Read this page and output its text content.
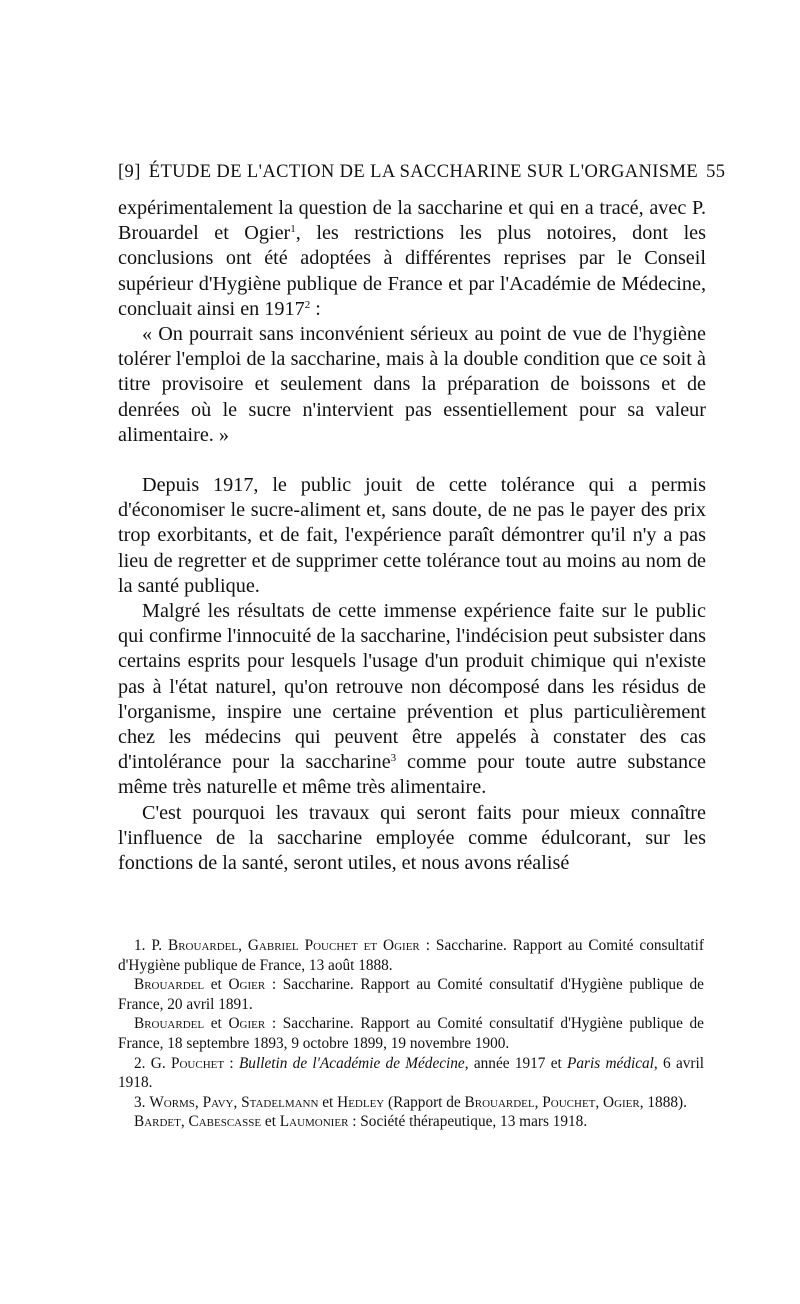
[9] ÉTUDE DE L'ACTION DE LA SACCHARINE SUR L'ORGANISME 55

expérimentalement la question de la saccharine et qui en a tracé, avec P. Brouardel et Ogier$^1$, les restrictions les plus notoires, dont les conclusions ont été adoptées à différentes reprises par le Conseil supérieur d'Hygiène publique de France et par l'Académie de Médecine, concluait ainsi en 1917$^2$ :

« On pourrait sans inconvénient sérieux au point de vue de l'hygiène tolérer l'emploi de la saccharine, mais à la double condition que ce soit à titre provisoire et seulement dans la préparation de boissons et de denrées où le sucre n'intervient pas essentiellement pour sa valeur alimentaire. »

Depuis 1917, le public jouit de cette tolérance qui a permis d'économiser le sucre-aliment et, sans doute, de ne pas le payer des prix trop exorbitants, et de fait, l'expérience paraît démontrer qu'il n'y a pas lieu de regretter et de supprimer cette tolérance tout au moins au nom de la santé publique.

Malgré les résultats de cette immense expérience faite sur le public qui confirme l'innocuité de la saccharine, l'indécision peut subsister dans certains esprits pour lesquels l'usage d'un produit chimique qui n'existe pas à l'état naturel, qu'on retrouve non décomposé dans les résidus de l'organisme, inspire une certaine prévention et plus particulièrement chez les médecins qui peuvent être appelés à constater des cas d'intolérance pour la saccharine$^3$ comme pour toute autre substance même très naturelle et même très alimentaire.

C'est pourquoi les travaux qui seront faits pour mieux connaître l'influence de la saccharine employée comme édulcorant, sur les fonctions de la santé, seront utiles, et nous avons réalisé

1. P. Brouardel, Gabriel Pouchet et Ogier : Saccharine. Rapport au Comité consultatif d'Hygiène publique de France, 13 août 1888.

Brouardel et Ogier : Saccharine. Rapport au Comité consultatif d'Hygiène publique de France, 20 avril 1891.

Brouardel et Ogier : Saccharine. Rapport au Comité consultatif d'Hygiène publique de France, 18 septembre 1893, 9 octobre 1899, 19 novembre 1900.

2. G. Pouchet : Bulletin de l'Académie de Médecine, année 1917 et Paris médical, 6 avril 1918.

3. Worms, Pavy, Stadelmann et Hedley (Rapport de Brouardel, Pouchet, Ogier, 1888).

Bardet, Cabescasse et Laumonier : Société thérapeutique, 13 mars 1918.
